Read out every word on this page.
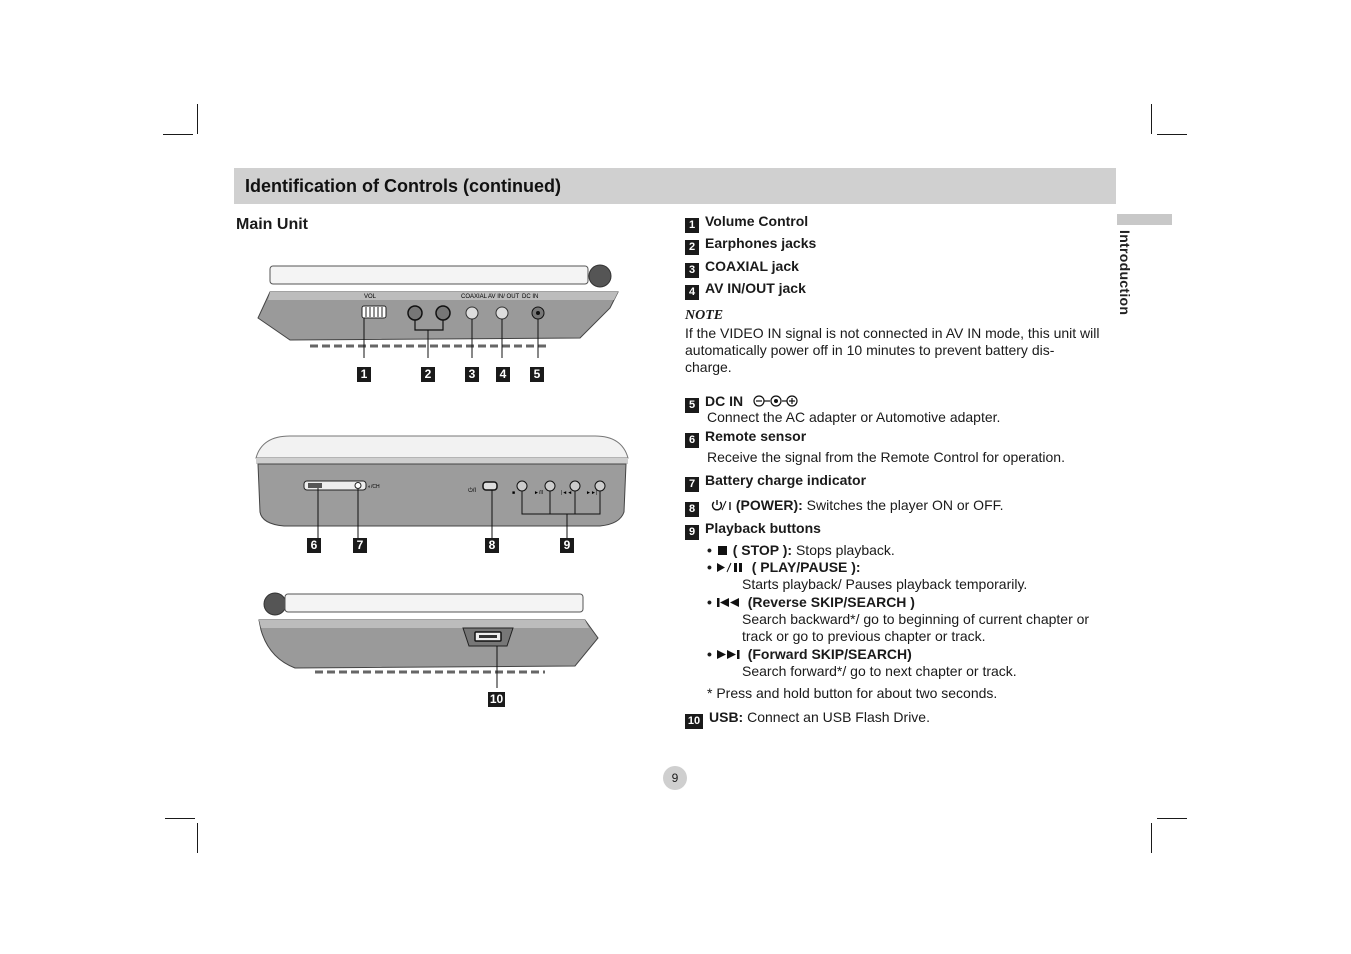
Identification of Controls (continued)
Introduction
Main Unit
VOL	COAXIAL AV IN/ OUT DC IN
1	2	3	4	5
◐/CH
⏻/I	■	►/II	|◄◄	►►|
6	7	8	9
10
1 Volume Control
2 Earphones jacks
3 COAXIAL jack
4 AV IN/OUT jack
NOTE
If the VIDEO IN signal is not connected in AV IN mode, this unit will automatically power off in 10 minutes to prevent battery dis-charge.
5 DC IN
Connect the AC adapter or Automotive adapter.
6 Remote sensor
Receive the signal from the Remote Control for operation.
7 Battery charge indicator
8	(POWER): Switches the player ON or OFF.
9 Playback buttons
• ( STOP ): Stops playback.
•	( PLAY/PAUSE ):
Starts playback/ Pauses playback temporarily.
•	(Reverse SKIP/SEARCH )
Search backward*/ go to beginning of current chapter or
track or go to previous chapter or track.
•	(Forward SKIP/SEARCH)
Search forward*/ go to next chapter or track.
* Press and hold button for about two seconds.
10 USB: Connect an USB Flash Drive.
9
